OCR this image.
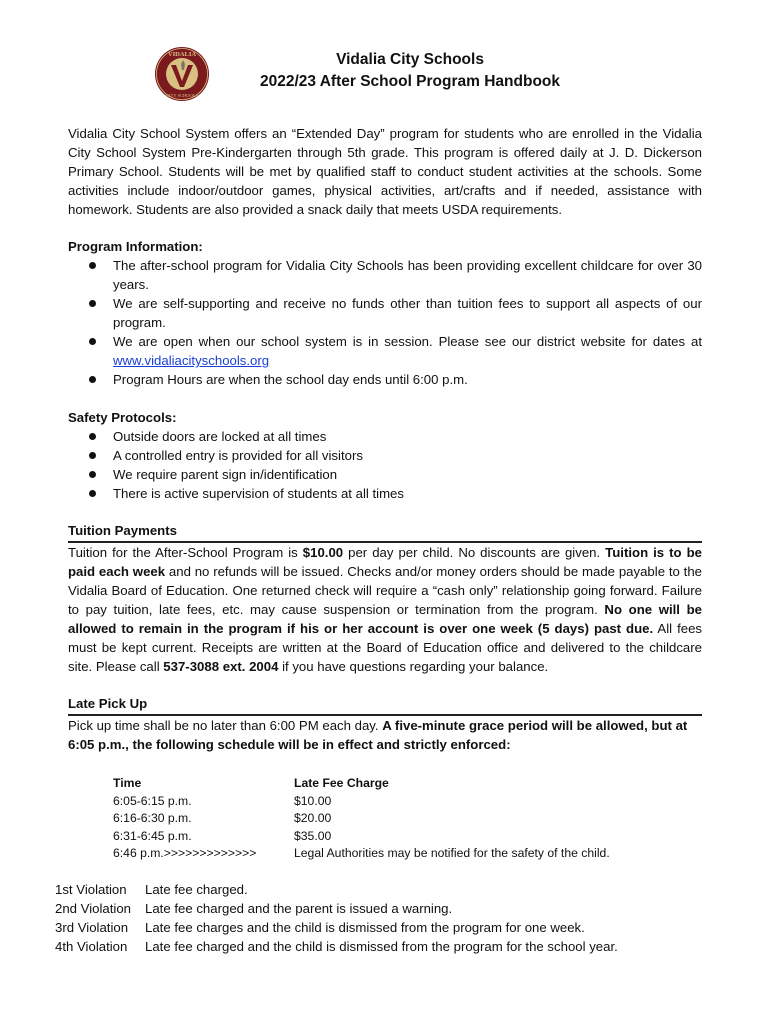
VIDALIA
CITY SCHOOLS
Vidalia City Schools
2022/23 After School Program Handbook

Vidalia City School System offers an “Extended Day” program for students who are enrolled in the Vidalia City School System Pre-Kindergarten through 5th grade. This program is offered daily at J. D. Dickerson Primary School. Students will be met by qualified staff to conduct student activities at the schools. Some activities include indoor/outdoor games, physical activities, art/crafts and if needed, assistance with homework. Students are also provided a snack daily that meets USDA requirements.

Program Information:

The after-school program for Vidalia City Schools has been providing excellent childcare for over 30 years.
We are self-supporting and receive no funds other than tuition fees to support all aspects of our program.
We are open when our school system is in session. Please see our district website for dates at www.vidaliacityschools.org
Program Hours are when the school day ends until 6:00 p.m.

Safety Protocols:

Outside doors are locked at all times
A controlled entry is provided for all visitors
We require parent sign in/identification
There is active supervision of students at all times

Tuition Payments

Tuition for the After-School Program is $10.00 per day per child. No discounts are given. Tuition is to be paid each week and no refunds will be issued. Checks and/or money orders should be made payable to the Vidalia Board of Education. One returned check will require a “cash only” relationship going forward. Failure to pay tuition, late fees, etc. may cause suspension or termination from the program. No one will be allowed to remain in the program if his or her account is over one week (5 days) past due. All fees must be kept current. Receipts are written at the Board of Education office and delivered to the childcare site. Please call 537-3088 ext. 2004 if you have questions regarding your balance.

Late Pick Up

Pick up time shall be no later than 6:00 PM each day. A five-minute grace period will be allowed, but at 6:05 p.m., the following schedule will be in effect and strictly enforced:

Time	Late Fee Charge
6:05-6:15 p.m.	$10.00
6:16-6:30 p.m.	$20.00
6:31-6:45 p.m.	$35.00
6:46 p.m.>>>>>>>>>>>>>	Legal Authorities may be notified for the safety of the child.
1st Violation	Late fee charged.
2nd Violation	Late fee charged and the parent is issued a warning.
3rd Violation	Late fee charges and the child is dismissed from the program for one week.
4th Violation	Late fee charged and the child is dismissed from the program for the school year.
